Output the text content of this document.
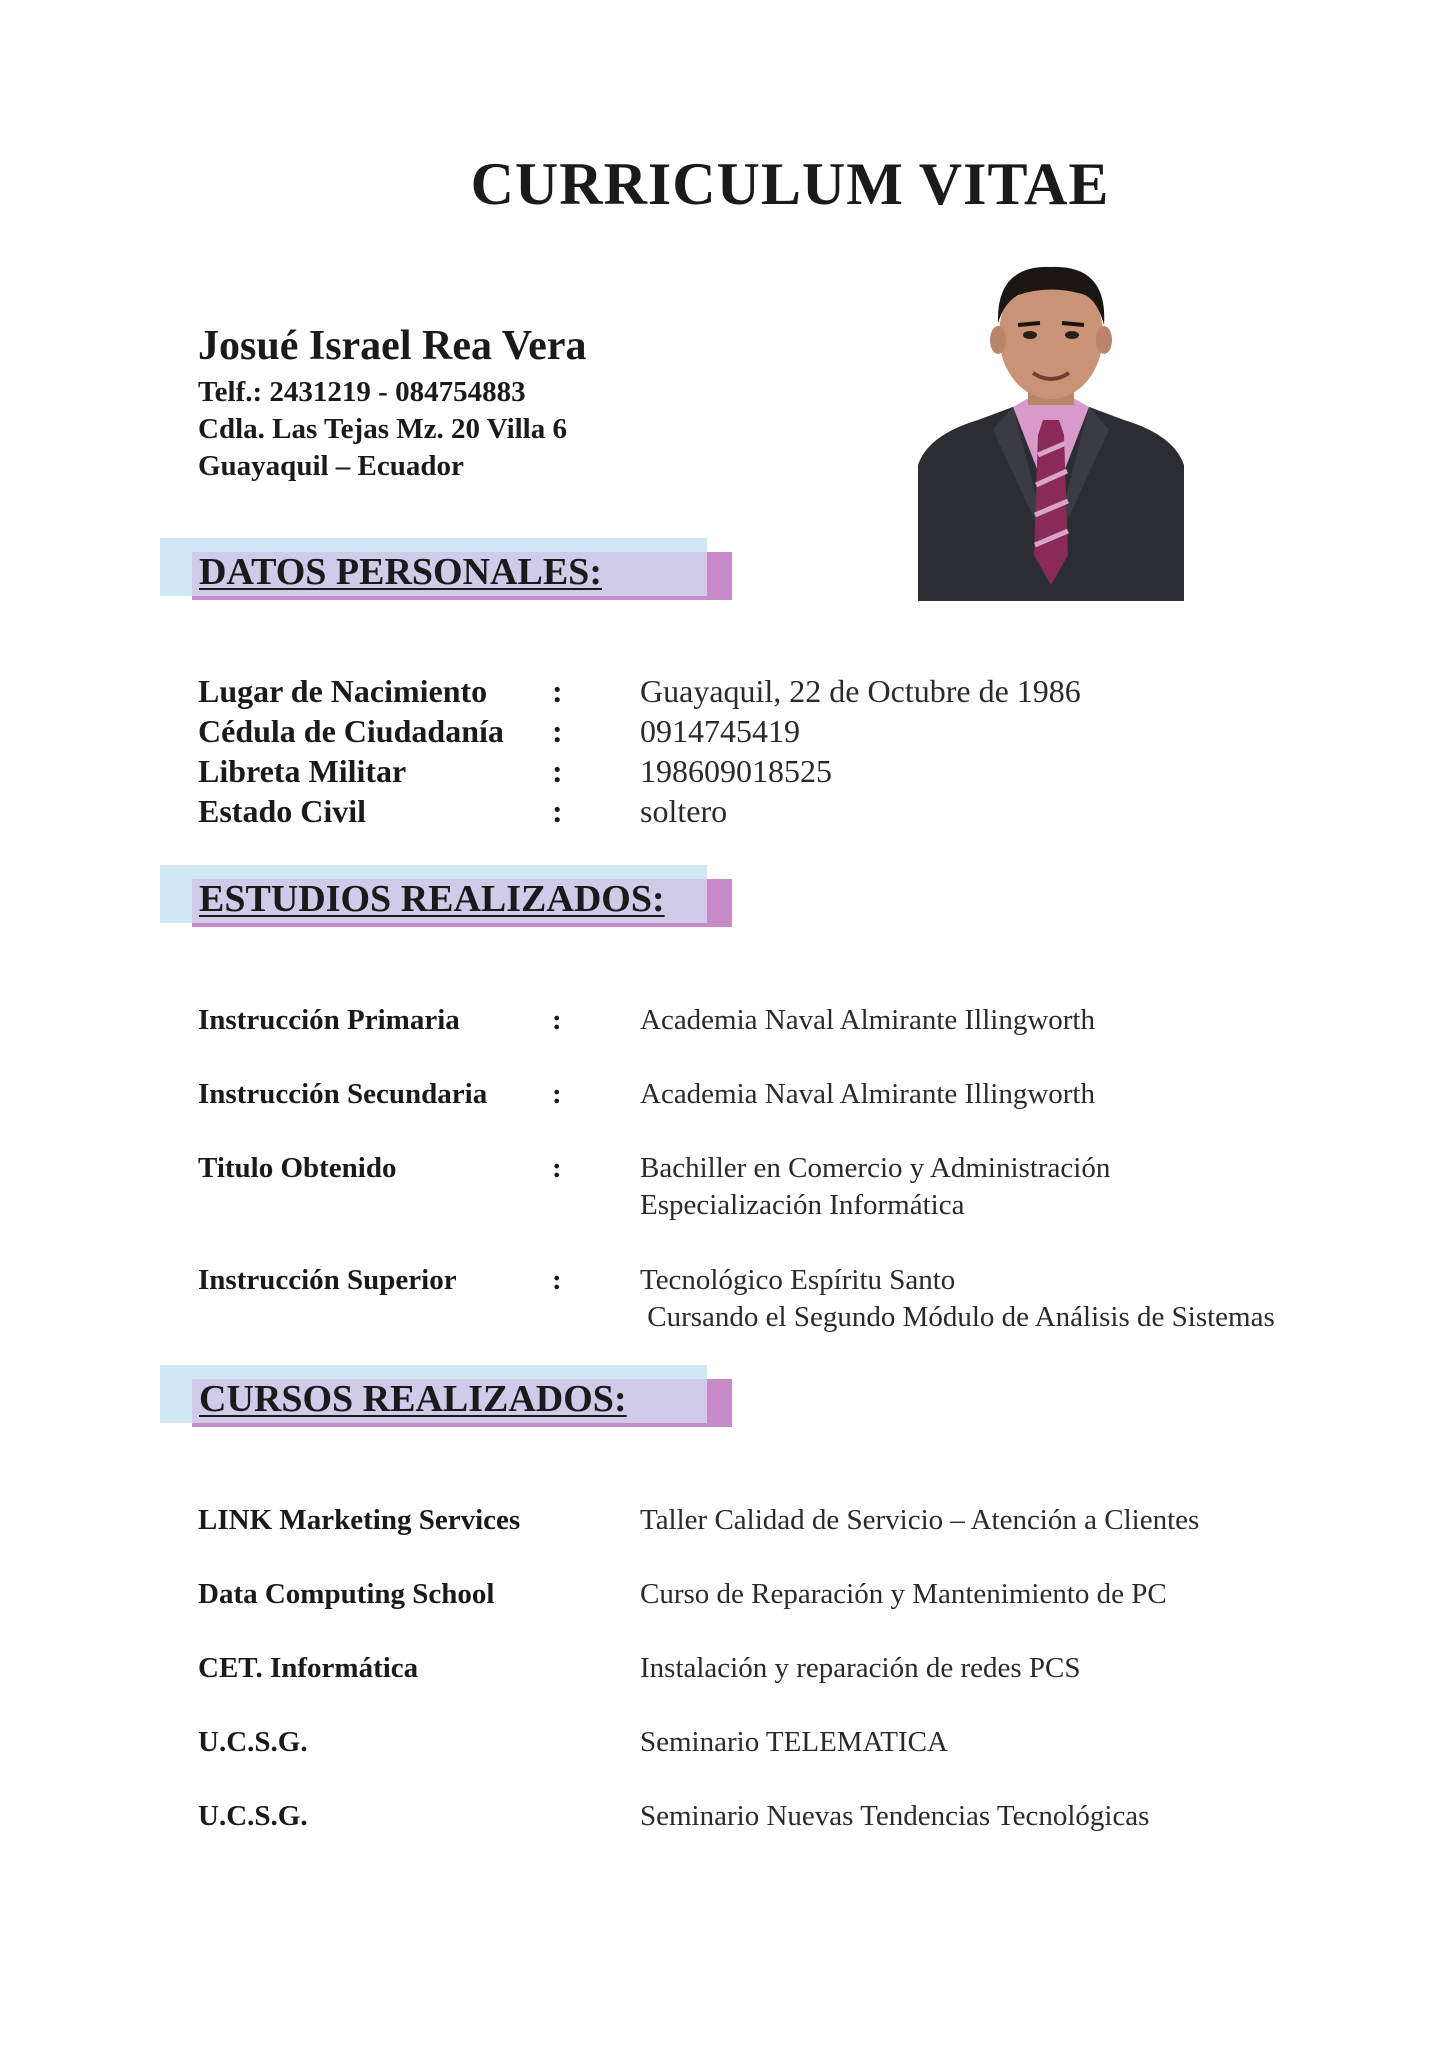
CURRICULUM VITAE
Josué Israel Rea Vera
Telf.: 2431219 - 084754883
Cdla. Las Tejas Mz. 20 Villa 6
Guayaquil – Ecuador
DATOS PERSONALES:
Lugar de Nacimiento : Guayaquil, 22 de Octubre de 1986
Cédula de Ciudadanía : 0914745419
Libreta Militar	: 198609018525
Estado Civil	: soltero
ESTUDIOS REALIZADOS:
Instrucción Primaria	:	Academia Naval Almirante Illingworth
Instrucción Secundaria :	Academia Naval Almirante Illingworth
Titulo Obtenido	:	Bachiller en Comercio y Administración
Especialización Informática
Instrucción Superior	:	Tecnológico Espíritu Santo
Cursando el Segundo Módulo de Análisis de Sistemas
CURSOS REALIZADOS:
LINK Marketing Services	Taller Calidad de Servicio – Atención a Clientes
Data Computing School	Curso de Reparación y Mantenimiento de PC
CET. Informática	Instalación y reparación de redes PCS
U.C.S.G.	Seminario TELEMATICA
U.C.S.G.	Seminario Nuevas Tendencias Tecnológicas
